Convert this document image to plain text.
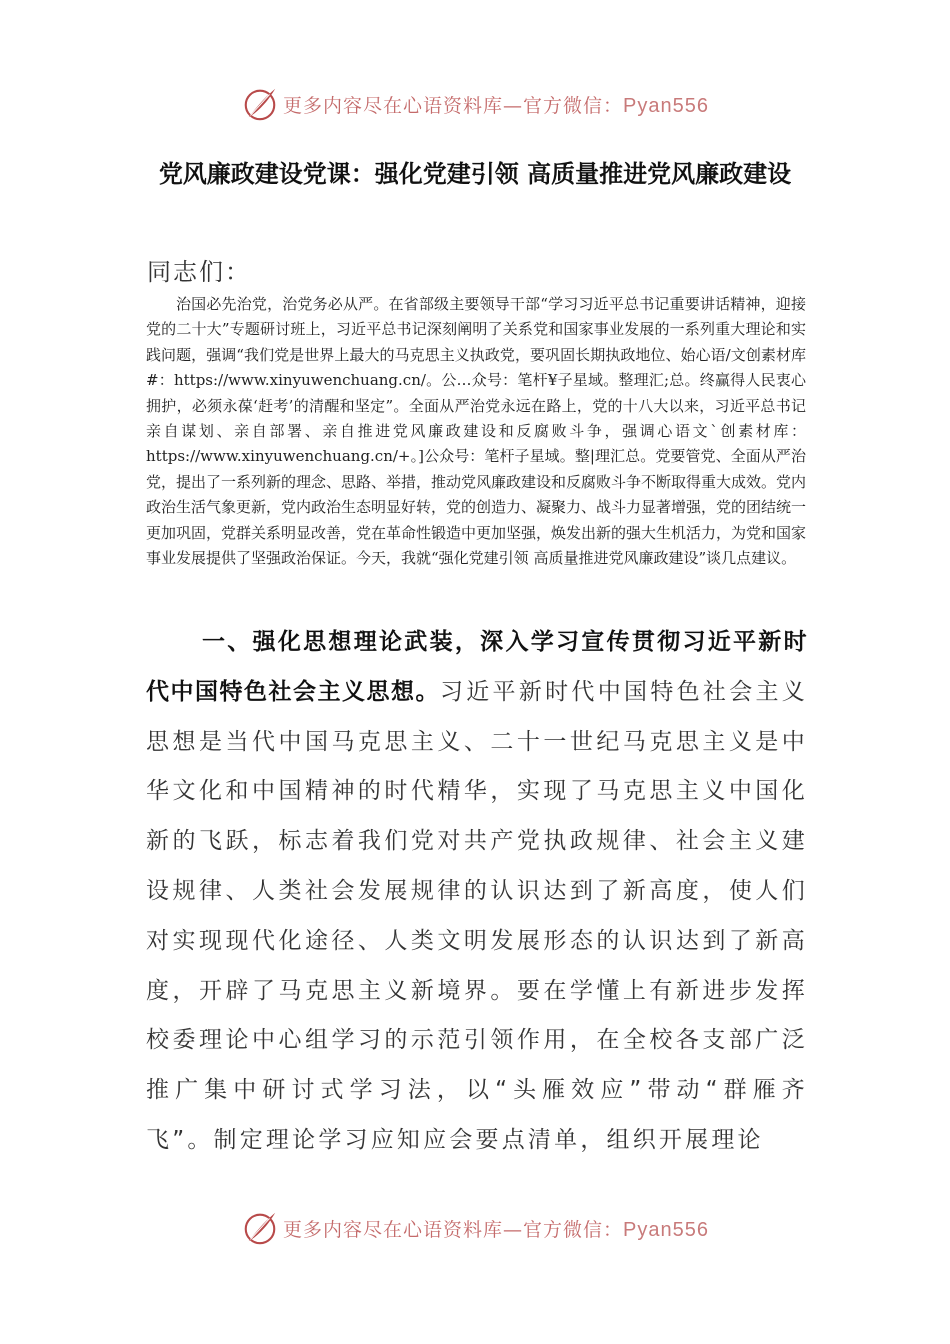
更多内容尽在心语资料库—官方微信：Pyan556
党风廉政建设党课：强化党建引领 高质量推进党风廉政建设
同志们：

治国必先治党，治党务必从严。在省部级主要领导干部“学习习近平总书记重要讲话精神，迎接党的二十大”专题研讨班上，习近平总书记深刻阐明了关系党和国家事业发展的一系列重大理论和实践问题，强调“我们党是世界上最大的马克思主义执政党，要巩固长期执政地位、始心语/文创素材库#：https://www.xinyuwenchuang.cn/。公…众号：笔杆¥子星域。整理汇;总。终赢得人民衷心拥护，必须永葆‘赶考’的清醒和坚定”。全面从严治党永远在路上，党的十八大以来，习近平总书记亲自谋划、亲自部署、亲自推进党风廉政建设和反腐败斗争，强调心语文`创素材库：https://www.xinyuwenchuang.cn/+。]公众号：笔杆子星域。整|理汇总。党要管党、全面从严治党，提出了一系列新的理念、思路、举措，推动党风廉政建设和反腐败斗争不断取得重大成效。党内政治生活气象更新，党内政治生态明显好转，党的创造力、凝聚力、战斗力显著增强，党的团结统一更加巩固，党群关系明显改善，党在革命性锻造中更加坚强，焕发出新的强大生机活力，为党和国家事业发展提供了坚强政治保证。今天，我就“强化党建引领 高质量推进党风廉政建设”谈几点建议。

一、强化思想理论武装，深入学习宣传贯彻习近平新时代中国特色社会主义思想。习近平新时代中国特色社会主义思想是当代中国马克思主义、二十一世纪马克思主义是中华文化和中国精神的时代精华，实现了马克思主义中国化新的飞跃，标志着我们党对共产党执政规律、社会主义建设规律、人类社会发展规律的认识达到了新高度，使人们对实现现代化途径、人类文明发展形态的认识达到了新高度，开辟了马克思主义新境界。要在学懂上有新进步发挥校委理论中心组学习的示范引领作用，在全校各支部广泛推广集中研讨式学习法，以“头雁效应”带动“群雁齐飞”。制定理论学习应知应会要点清单，组织开展理论

更多内容尽在心语资料库—官方微信：Pyan556
